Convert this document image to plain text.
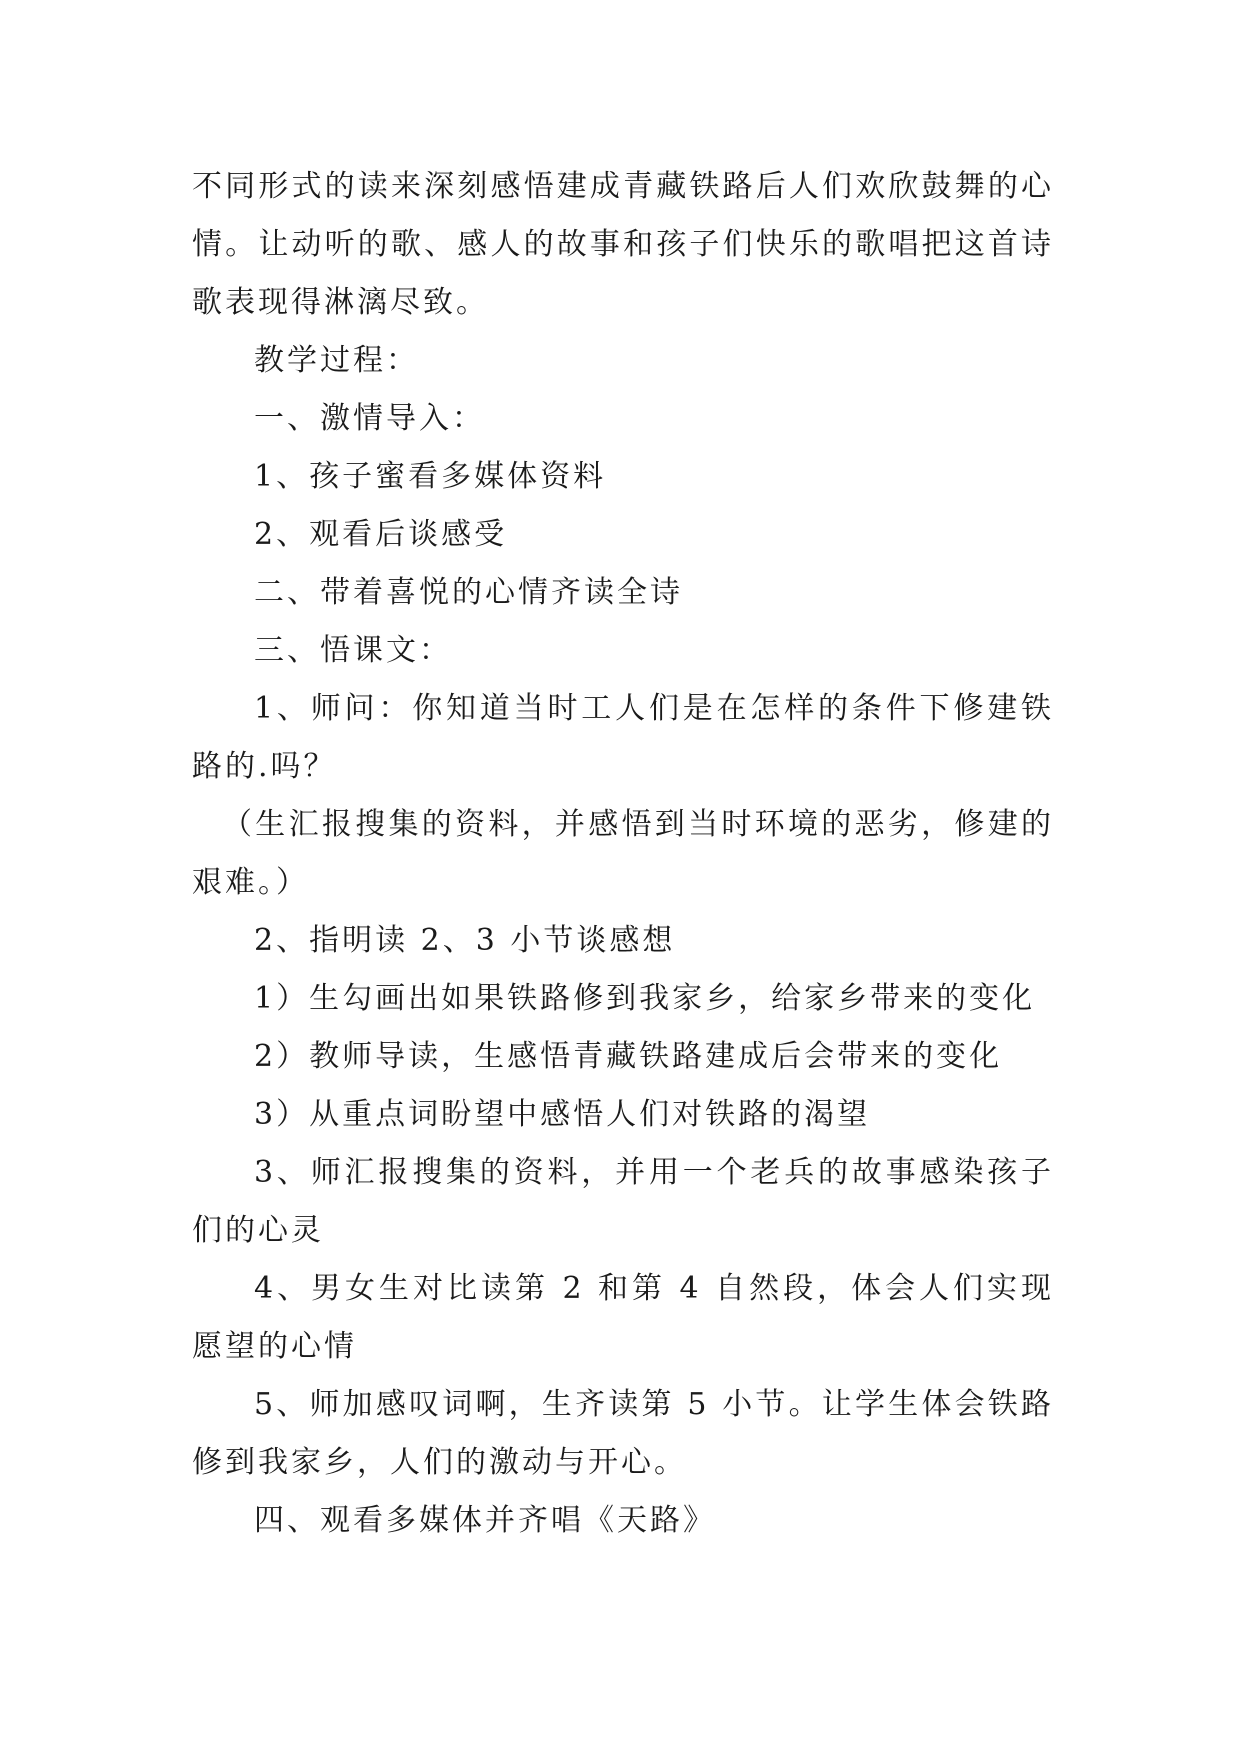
不同形式的读来深刻感悟建成青藏铁路后人们欢欣鼓舞的心情。让动听的歌、感人的故事和孩子们快乐的歌唱把这首诗歌表现得淋漓尽致。

教学过程：

一、激情导入：

1、孩子蜜看多媒体资料

2、观看后谈感受

二、带着喜悦的心情齐读全诗

三、悟课文：

1、师问：你知道当时工人们是在怎样的条件下修建铁路的.吗？

（生汇报搜集的资料，并感悟到当时环境的恶劣，修建的艰难。）

2、指明读 2、3 小节谈感想

1）生勾画出如果铁路修到我家乡，给家乡带来的变化

2）教师导读，生感悟青藏铁路建成后会带来的变化

3）从重点词盼望中感悟人们对铁路的渴望

3、师汇报搜集的资料，并用一个老兵的故事感染孩子们的心灵

4、男女生对比读第 2 和第 4 自然段，体会人们实现愿望的心情

5、师加感叹词啊，生齐读第 5 小节。让学生体会铁路修到我家乡，人们的激动与开心。

四、观看多媒体并齐唱《天路》
